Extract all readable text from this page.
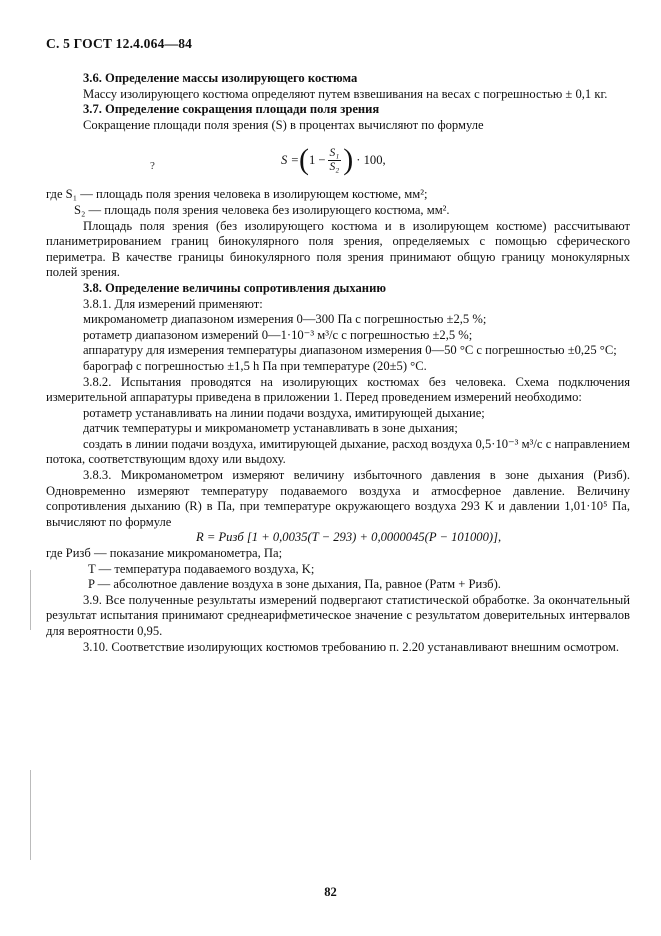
С. 5 ГОСТ 12.4.064—84

3.6. Определение массы изолирующего костюма

Массу изолирующего костюма определяют путем взвешивания на весах с погрешностью ± 0,1 кг.

3.7. Определение сокращения площади поля зрения

Сокращение площади поля зрения (S) в процентах вычисляют по формуле

?	S = ( $1 - \frac{\text{S₁}}{\text{S₂}}$ ) · 100,

где S₁ — площадь поля зрения человека в изолирующем костюме, мм²;

S₂ — площадь поля зрения человека без изолирующего костюма, мм².

Площадь поля зрения (без изолирующего костюма и в изолирующем костюме) рассчитывают планиметрированием границ бинокулярного поля зрения, определяемых с помощью сферического периметра. В качестве границы бинокулярного поля зрения принимают общую границу монокулярных полей зрения.

3.8. Определение величины сопротивления дыханию

3.8.1. Для измерений применяют:

микроманометр диапазоном измерения 0—300 Па с погрешностью ±2,5 %;

ротаметр диапазоном измерений 0—1·10⁻³ м³/с с погрешностью ±2,5 %;

аппаратуру для измерения температуры диапазоном измерения 0—50 °С с погрешностью ±0,25 °С;

барограф с погрешностью ±1,5 h Па при температуре (20±5) °С.

3.8.2. Испытания проводятся на изолирующих костюмах без человека. Схема подключения измерительной аппаратуры приведена в приложении 1. Перед проведением измерений необходимо:

ротаметр устанавливать на линии подачи воздуха, имитирующей дыхание;

датчик температуры и микроманометр устанавливать в зоне дыхания;

создать в линии подачи воздуха, имитирующей дыхание, расход воздуха 0,5·10⁻³ м³/с с направлением потока, соответствующим вдоху или выдоху.

3.8.3. Микроманометром измеряют величину избыточного давления в зоне дыхания (Pизб). Одновременно измеряют температуру подаваемого воздуха и атмосферное давление. Величину сопротивления дыханию (R) в Па, при температуре окружающего воздуха 293 K и давлении 1,01·10⁵ Па, вычисляют по формуле

R = Pизб [1 + 0,0035(T − 293) + 0,0000045(P − 101000)],

где Pизб — показание микроманометра, Па;

T — температура подаваемого воздуха, K;

P — абсолютное давление воздуха в зоне дыхания, Па, равное (Pатм + Pизб).

3.9. Все полученные результаты измерений подвергают статистической обработке. За окончательный результат испытания принимают среднеарифметическое значение с результатом доверительных интервалов для вероятности 0,95.

3.10. Соответствие изолирующих костюмов требованию п. 2.20 устанавливают внешним осмотром.

82
